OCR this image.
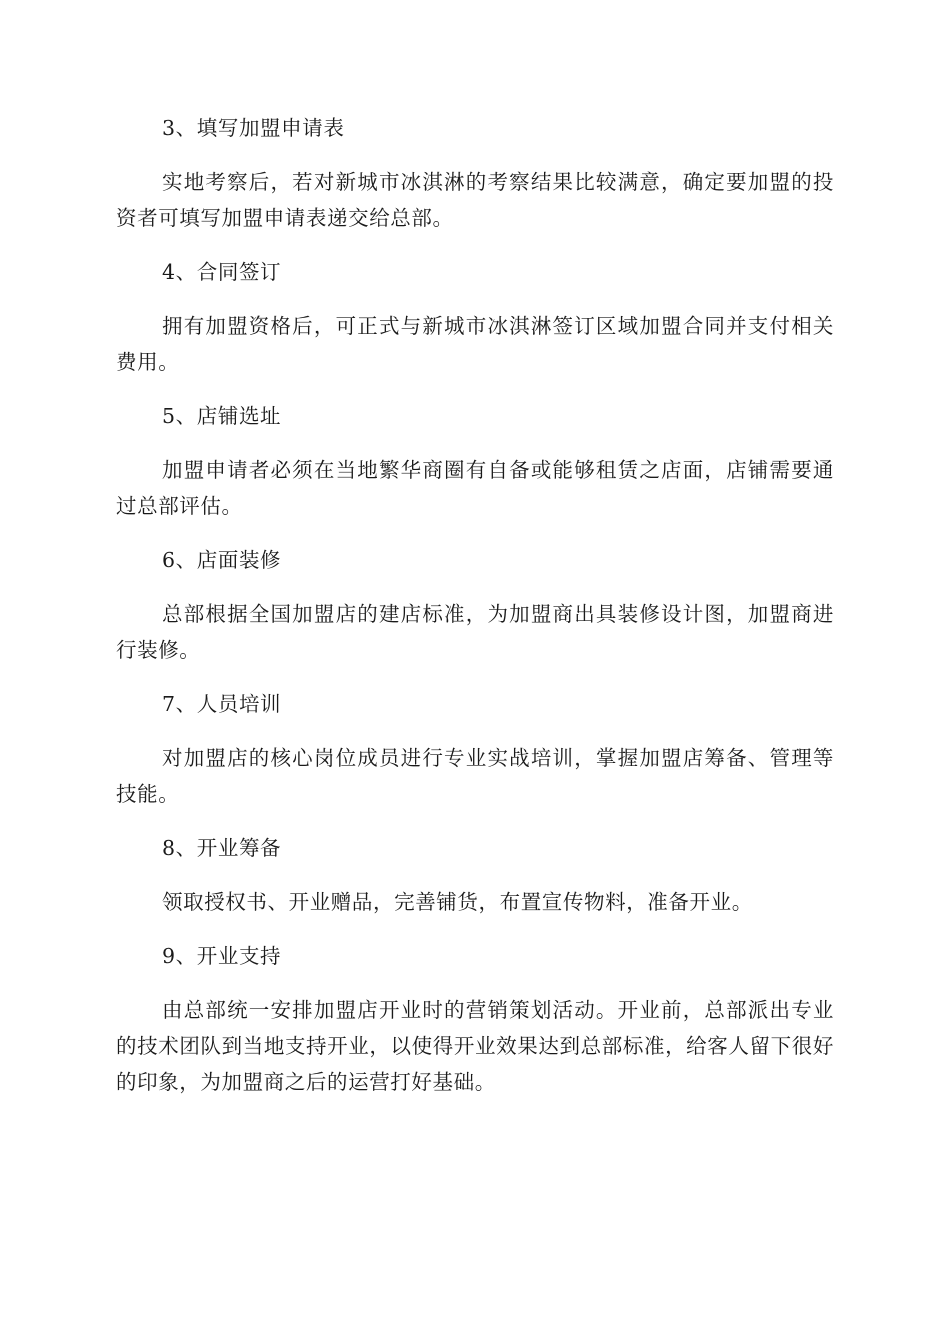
3、填写加盟申请表

实地考察后，若对新城市冰淇淋的考察结果比较满意，确定要加盟的投资者可填写加盟申请表递交给总部。

4、合同签订

拥有加盟资格后，可正式与新城市冰淇淋签订区域加盟合同并支付相关费用。

5、店铺选址

加盟申请者必须在当地繁华商圈有自备或能够租赁之店面，店铺需要通过总部评估。

6、店面装修

总部根据全国加盟店的建店标准，为加盟商出具装修设计图，加盟商进行装修。

7、人员培训

对加盟店的核心岗位成员进行专业实战培训，掌握加盟店筹备、管理等技能。

8、开业筹备

领取授权书、开业赠品，完善铺货，布置宣传物料，准备开业。

9、开业支持

由总部统一安排加盟店开业时的营销策划活动。开业前，总部派出专业的技术团队到当地支持开业，以使得开业效果达到总部标准，给客人留下很好的印象，为加盟商之后的运营打好基础。
